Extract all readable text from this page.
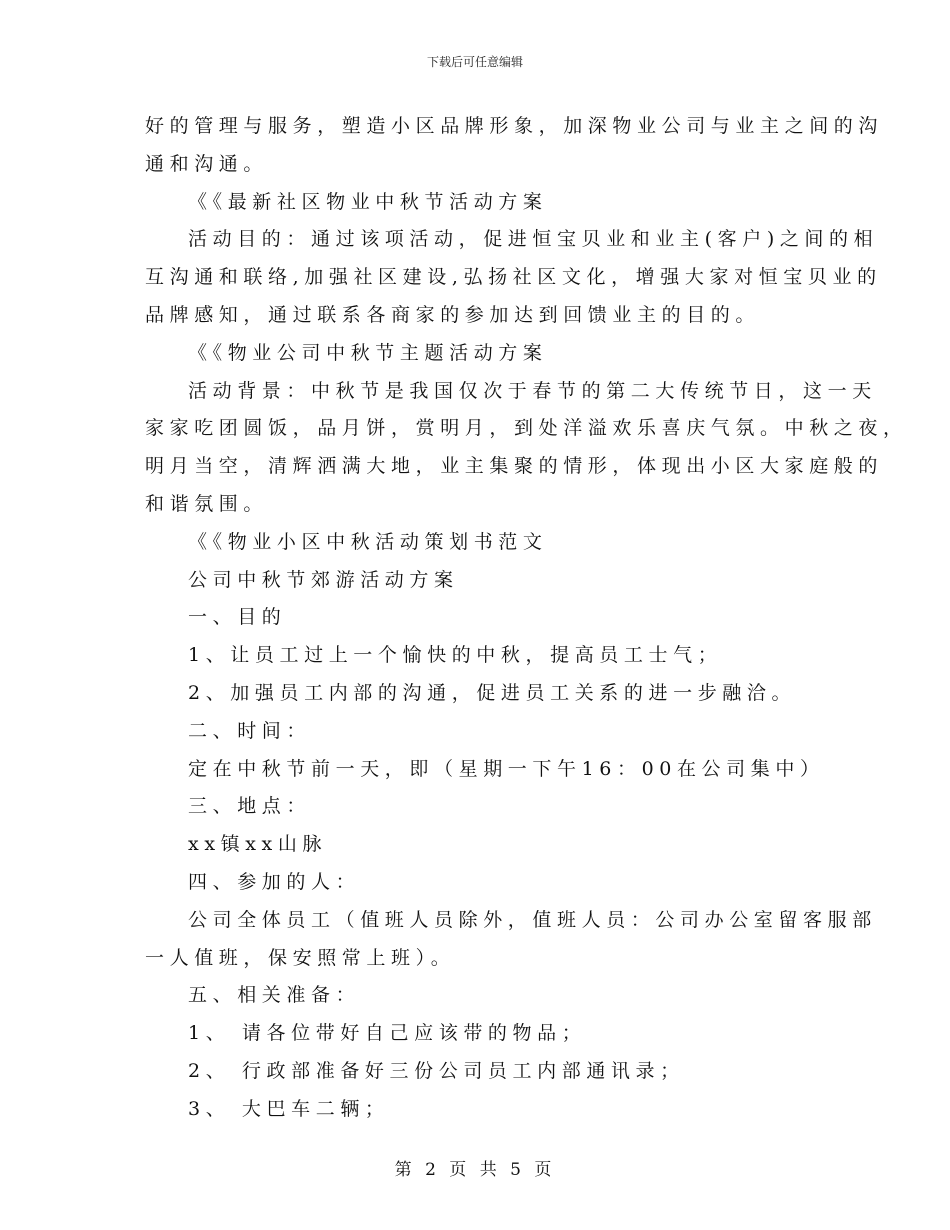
下载后可任意编辑
好的管理与服务，塑造小区品牌形象，加深物业公司与业主之间的沟
通和沟通。
《《最新社区物业中秋节活动方案
活动目的：通过该项活动，促进恒宝贝业和业主(客户)之间的相
互沟通和联络,加强社区建设,弘扬社区文化，增强大家对恒宝贝业的
品牌感知，通过联系各商家的参加达到回馈业主的目的。
《《物业公司中秋节主题活动方案
活动背景：中秋节是我国仅次于春节的第二大传统节日，这一天
家家吃团圆饭，品月饼，赏明月，到处洋溢欢乐喜庆气氛。中秋之夜，
明月当空，清辉洒满大地，业主集聚的情形，体现出小区大家庭般的
和谐氛围。
《《物业小区中秋活动策划书范文
公司中秋节郊游活动方案
一、目的
1、让员工过上一个愉快的中秋，提高员工士气；
2、加强员工内部的沟通，促进员工关系的进一步融洽。
二、时间：
定在中秋节前一天，即（星期一下午16：00在公司集中）
三、地点：
xx镇xx山脉
四、参加的人：
公司全体员工（值班人员除外，值班人员：公司办公室留客服部
一人值班，保安照常上班）。
五、相关准备：
1、 请各位带好自己应该带的物品；
2、 行政部准备好三份公司员工内部通讯录；
3、 大巴车二辆；
第 2 页 共 5 页
